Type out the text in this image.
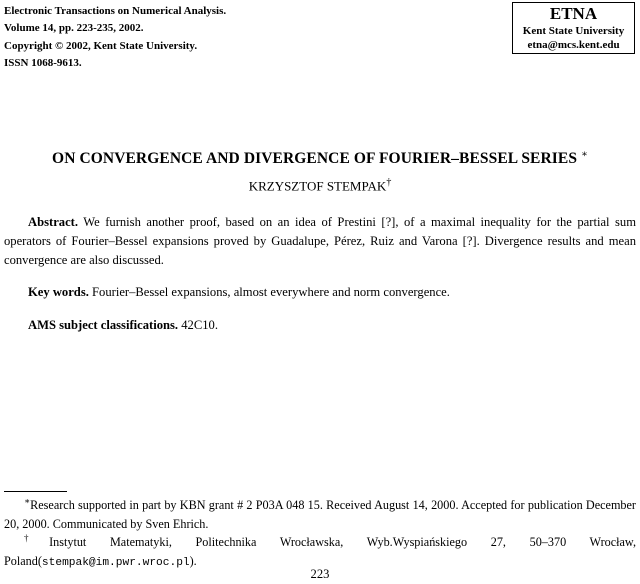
Electronic Transactions on Numerical Analysis.
Volume 14, pp. 223-235, 2002.
Copyright © 2002, Kent State University.
ISSN 1068-9613.
ETNA
Kent State University
etna@mcs.kent.edu
ON CONVERGENCE AND DIVERGENCE OF FOURIER–BESSEL SERIES ∗
KRZYSZTOF STEMPAK†

Abstract. We furnish another proof, based on an idea of Prestini [?], of a maximal inequality for the partial sum operators of Fourier–Bessel expansions proved by Guadalupe, Pérez, Ruiz and Varona [?]. Divergence results and mean convergence are also discussed.

Key words. Fourier–Bessel expansions, almost everywhere and norm convergence.

AMS subject classifications. 42C10.

∗Research supported in part by KBN grant # 2 P03A 048 15. Received August 14, 2000. Accepted for publication December 20, 2000. Communicated by Sven Ehrich.

†Instytut Matematyki, Politechnika Wrocławska, Wyb.Wyspiańskiego 27, 50–370 Wrocław, Poland(stempak@im.pwr.wroc.pl).

223
